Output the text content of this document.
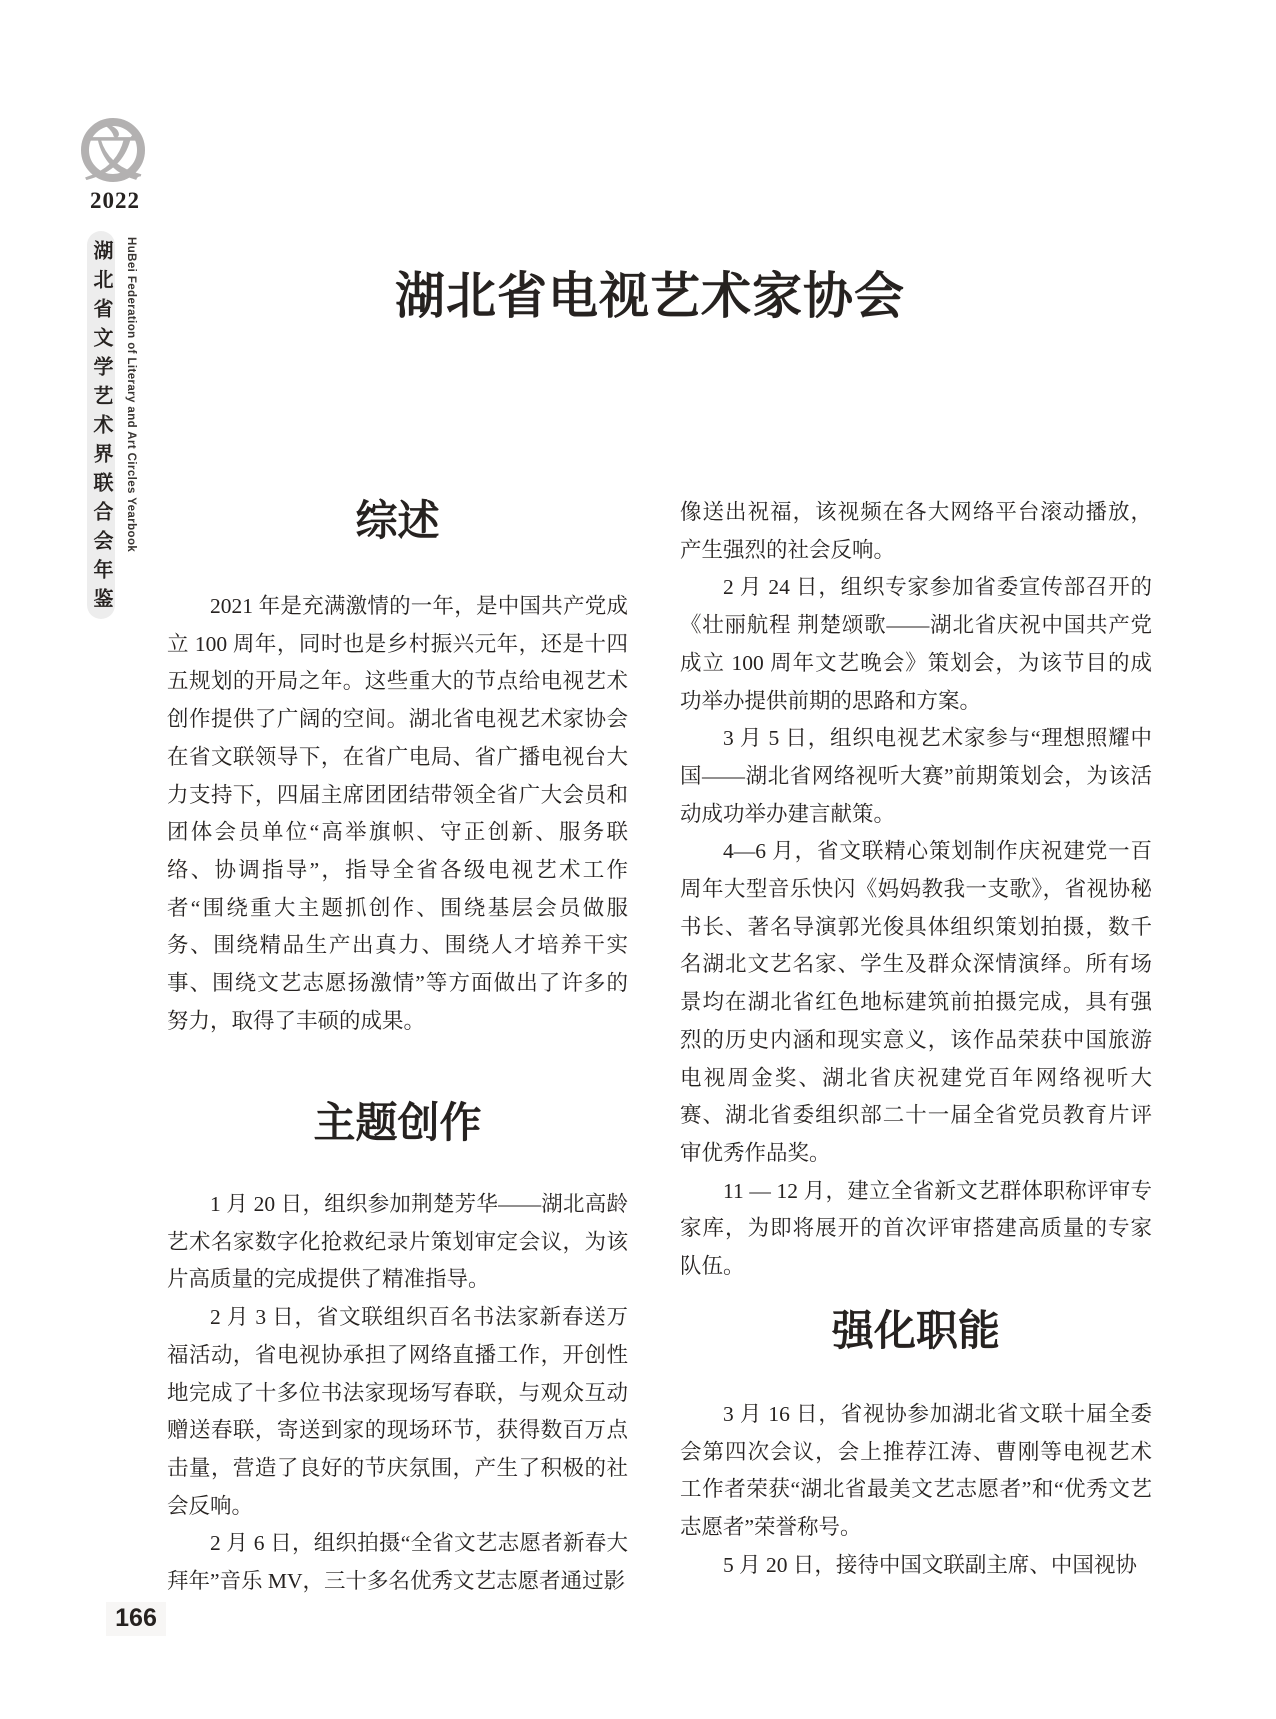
文
2022
湖北省文学艺术界联合会年鉴 HuBei Federation of Literary and Art Circles Yearbook	湖北省电视艺术家协会
综述

2021 年是充满激情的一年，是中国共产党成立 100 周年，同时也是乡村振兴元年，还是十四五规划的开局之年。这些重大的节点给电视艺术创作提供了广阔的空间。湖北省电视艺术家协会在省文联领导下，在省广电局、省广播电视台大力支持下，四届主席团团结带领全省广大会员和团体会员单位“高举旗帜、守正创新、服务联络、协调指导”，指导全省各级电视艺术工作者“围绕重大主题抓创作、围绕基层会员做服务、围绕精品生产出真力、围绕人才培养干实事、围绕文艺志愿扬激情”等方面做出了许多的努力，取得了丰硕的成果。

主题创作

1 月 20 日，组织参加荆楚芳华——湖北高龄艺术名家数字化抢救纪录片策划审定会议，为该片高质量的完成提供了精准指导。

2 月 3 日，省文联组织百名书法家新春送万福活动，省电视协承担了网络直播工作，开创性地完成了十多位书法家现场写春联，与观众互动赠送春联，寄送到家的现场环节，获得数百万点击量，营造了良好的节庆氛围，产生了积极的社会反响。

2 月 6 日，组织拍摄“全省文艺志愿者新春大拜年”音乐 MV，三十多名优秀文艺志愿者通过影

像送出祝福，该视频在各大网络平台滚动播放，产生强烈的社会反响。

2 月 24 日，组织专家参加省委宣传部召开的《壮丽航程 荆楚颂歌——湖北省庆祝中国共产党成立 100 周年文艺晚会》策划会，为该节目的成功举办提供前期的思路和方案。

3 月 5 日，组织电视艺术家参与“理想照耀中国——湖北省网络视听大赛”前期策划会，为该活动成功举办建言献策。

4—6 月，省文联精心策划制作庆祝建党一百周年大型音乐快闪《妈妈教我一支歌》，省视协秘书长、著名导演郭光俊具体组织策划拍摄，数千名湖北文艺名家、学生及群众深情演绎。所有场景均在湖北省红色地标建筑前拍摄完成，具有强烈的历史内涵和现实意义，该作品荣获中国旅游电视周金奖、湖北省庆祝建党百年网络视听大赛、湖北省委组织部二十一届全省党员教育片评审优秀作品奖。

11 — 12 月，建立全省新文艺群体职称评审专家库，为即将展开的首次评审搭建高质量的专家队伍。

强化职能

3 月 16 日，省视协参加湖北省文联十届全委会第四次会议，会上推荐江涛、曹刚等电视艺术工作者荣获“湖北省最美文艺志愿者”和“优秀文艺志愿者”荣誉称号。

5 月 20 日，接待中国文联副主席、中国视协

166
